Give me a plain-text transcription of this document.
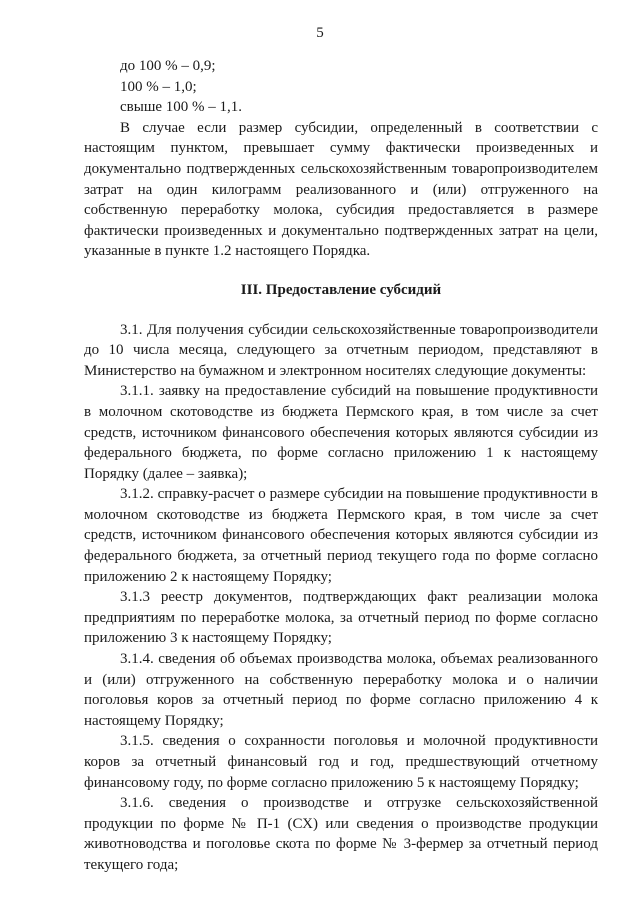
5

до 100 % – 0,9;

100 % – 1,0;

свыше 100 % – 1,1.

В случае если размер субсидии, определенный в соответствии с настоящим пунктом, превышает сумму фактически произведенных и документально подтвержденных сельскохозяйственным товаропроизводителем затрат на один килограмм реализованного и (или) отгруженного на собственную переработку молока, субсидия предоставляется в размере фактически произведенных и документально подтвержденных затрат на цели, указанные в пункте 1.2 настоящего Порядка.

III. Предоставление субсидий

3.1. Для получения субсидии сельскохозяйственные товаропроизводители до 10 числа месяца, следующего за отчетным периодом, представляют в Министерство на бумажном и электронном носителях следующие документы:

3.1.1. заявку на предоставление субсидий на повышение продуктивности в молочном скотоводстве из бюджета Пермского края, в том числе за счет средств, источником финансового обеспечения которых являются субсидии из федерального бюджета, по форме согласно приложению 1 к настоящему Порядку (далее – заявка);

3.1.2. справку-расчет о размере субсидии на повышение продуктивности в молочном скотоводстве из бюджета Пермского края, в том числе за счет средств, источником финансового обеспечения которых являются субсидии из федерального бюджета, за отчетный период текущего года по форме согласно приложению 2 к настоящему Порядку;

3.1.3 реестр документов, подтверждающих факт реализации молока предприятиям по переработке молока, за отчетный период по форме согласно приложению 3 к настоящему Порядку;

3.1.4. сведения об объемах производства молока, объемах реализованного и (или) отгруженного на собственную переработку молока и о наличии поголовья коров за отчетный период по форме согласно приложению 4 к настоящему Порядку;

3.1.5. сведения о сохранности поголовья и молочной продуктивности коров за отчетный финансовый год и год, предшествующий отчетному финансовому году, по форме согласно приложению 5 к настоящему Порядку;

3.1.6. сведения о производстве и отгрузке сельскохозяйственной продукции по форме № П-1 (СХ) или сведения о производстве продукции животноводства и поголовье скота по форме № 3-фермер за отчетный период текущего года;
